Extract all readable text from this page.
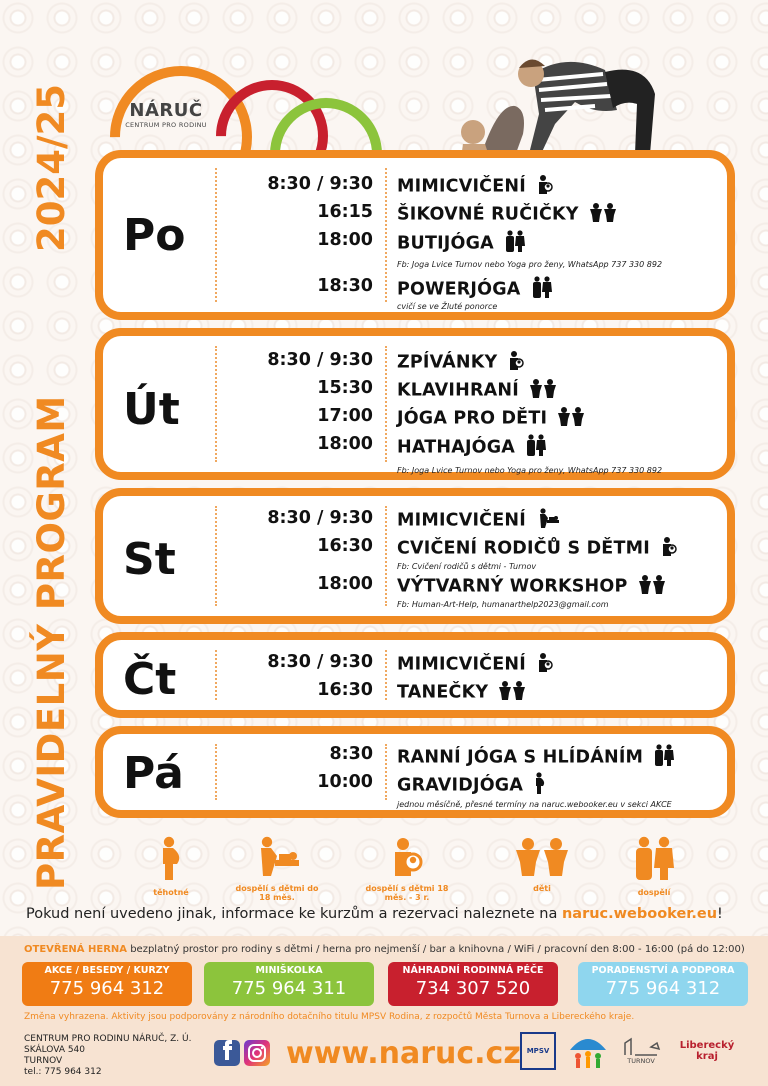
2024/25
PRAVIDELNÝ PROGRAM
NÁRUČ
CENTRUM PRO RODINU
Po
8:30 / 9:30 MIMICVIČENÍ
16:15 ŠIKOVNÉ RUČIČKY
18:00 BUTIJÓGA
Fb: Joga Lvice Turnov nebo Yoga pro ženy, WhatsApp 737 330 892
18:30 POWERJÓGA
cvičí se ve Žluté ponorce
Út
8:30 / 9:30 ZPÍVÁNKY
15:30 KLAVIHRANÍ
17:00 JÓGA PRO DĚTI
18:00 HATHAJÓGA
Fb: Joga Lvice Turnov nebo Yoga pro ženy, WhatsApp 737 330 892
St
8:30 / 9:30 MIMICVIČENÍ
16:30 CVIČENÍ RODIČŮ S DĚTMI
Fb: Cvičení rodičů s dětmi - Turnov
18:00 VÝTVARNÝ WORKSHOP
Fb: Human-Art-Help, humanarthelp2023@gmail.com
Čt	8:30 / 9:30 MIMICVIČENÍ
16:30 TANEČKY
Pá	8:30 RANNÍ JÓGA S HLÍDÁNÍM
10:00 GRAVIDJÓGA
jednou měsíčně, přesné termíny na naruc.webooker.eu v sekci AKCE
těhotné	dospělí s dětmi do 18 měs.
dospělí s dětmi 18 měs. - 3 r.
děti	dospělí
Pokud není uvedeno jinak, informace ke kurzům a rezervaci naleznete na naruc.webooker.eu!
OTEVŘENÁ HERNA bezplatný prostor pro rodiny s dětmi / herna pro nejmenší / bar a knihovna / WiFi / pracovní den 8:00 - 16:00 (pá do 12:00)
AKCE / BESEDY / KURZY
775 964 312
MINIŠKOLKA
775 964 311
NÁHRADNÍ RODINNÁ PÉČE
734 307 520
PORADENSTVÍ A PODPORA
775 964 312
Změna vyhrazena. Aktivity jsou podporovány z národního dotačního titulu MPSV Rodina, z rozpočtů Města Turnova a Libereckého kraje.
CENTRUM PRO RODINU NÁRUČ, Z. Ú.
SKÁLOVA 540
TURNOV
tel.: 775 964 312
www.naruc.cz MPSV
TURNOV
Liberecký kraj
